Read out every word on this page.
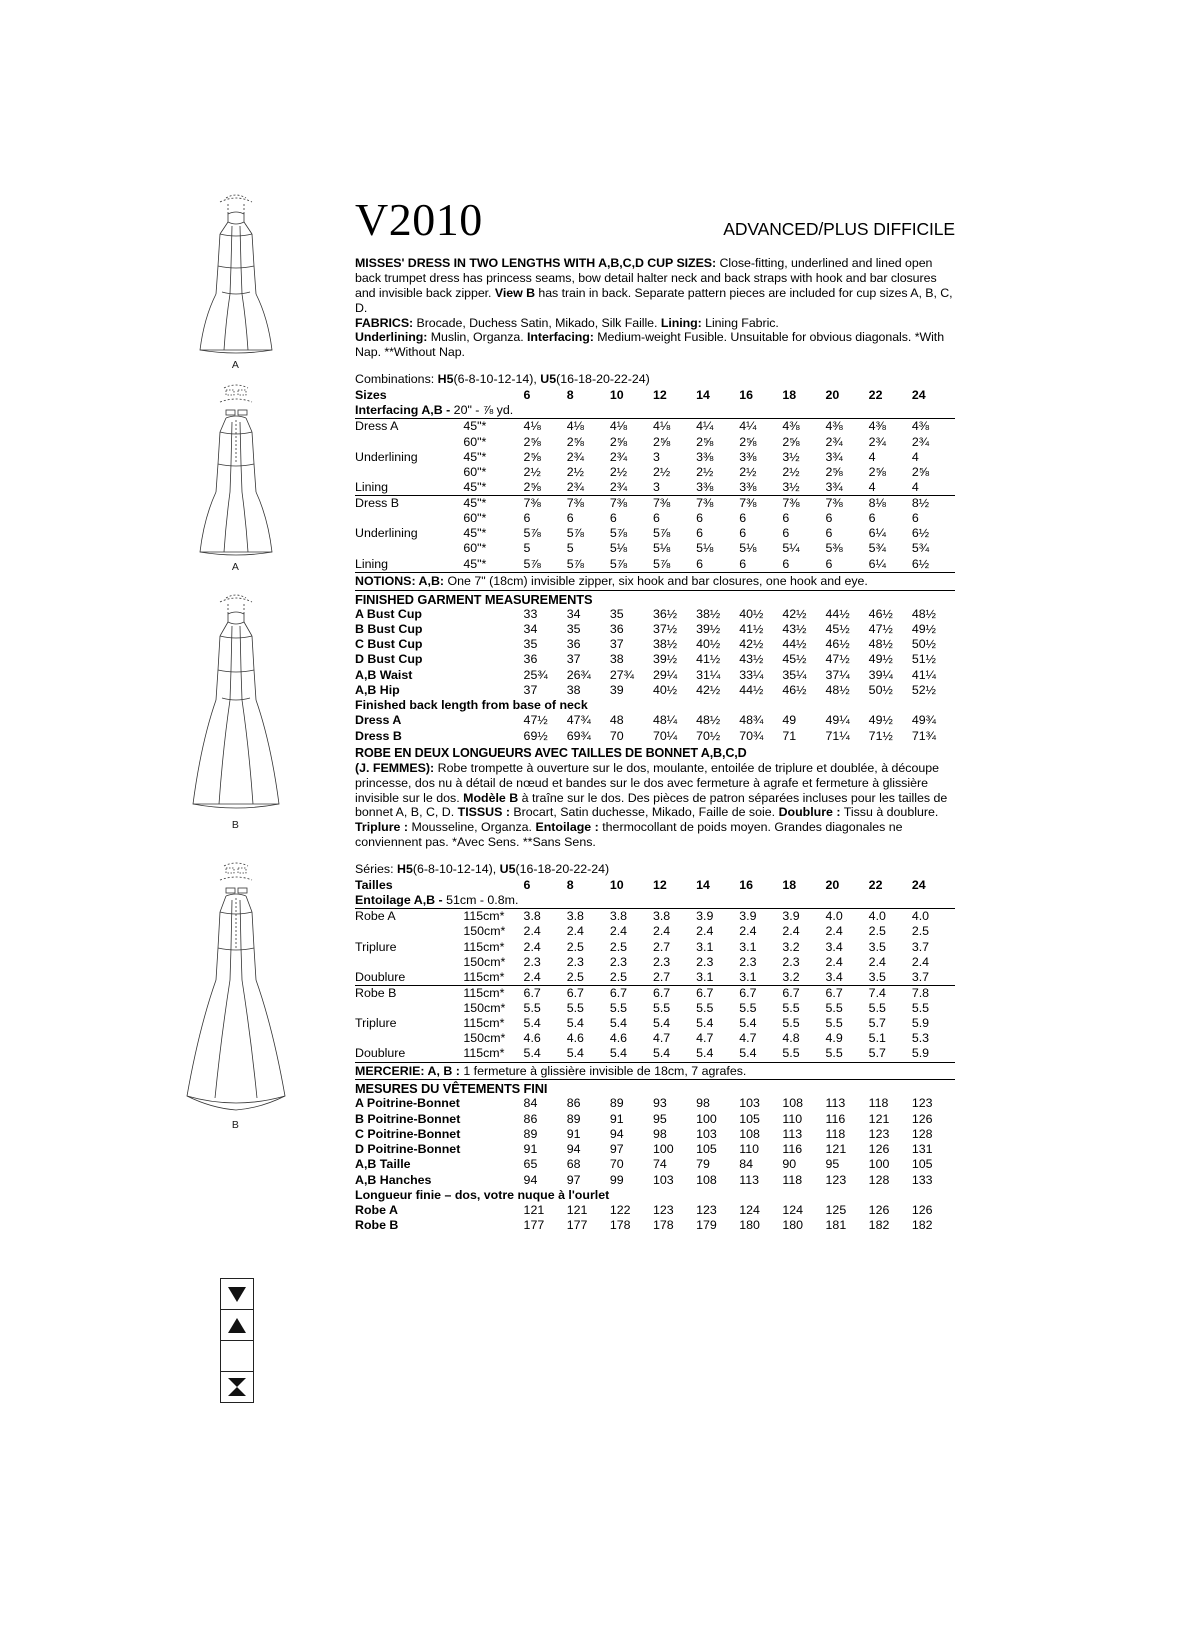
A
A
B
B
V2010	ADVANCED/PLUS DIFFICILE
MISSES' DRESS IN TWO LENGTHS WITH A,B,C,D CUP SIZES: Close-fitting, underlined and lined open back trumpet dress has princess seams, bow detail halter neck and back straps with hook and bar closures and invisible back zipper. View B has train in back. Separate pattern pieces are included for cup sizes A, B, C, D.
FABRICS: Brocade, Duchess Satin, Mikado, Silk Faille. Lining: Lining Fabric.
Underlining: Muslin, Organza. Interfacing: Medium-weight Fusible. Unsuitable for obvious diagonals. *With Nap. **Without Nap.
Combinations: H5(6-8-10-12-14), U5(16-18-20-22-24)
Sizes		6	8	10	12	14	16	18	20	22	24
Interfacing A,B - 20" - ⅞ yd.											
Dress A	45"*	4⅛	4⅛	4⅛	4⅛	4¼	4¼	4⅜	4⅜	4⅜	4⅜
	60"*	2⅝	2⅝	2⅝	2⅝	2⅝	2⅝	2⅝	2¾	2¾	2¾
Underlining	45"*	2⅝	2¾	2¾	3	3⅜	3⅜	3½	3¾	4	4
	60"*	2½	2½	2½	2½	2½	2½	2½	2⅝	2⅝	2⅝
Lining	45"*	2⅝	2¾	2¾	3	3⅜	3⅜	3½	3¾	4	4
Dress B	45"*	7⅜	7⅜	7⅜	7⅜	7⅜	7⅜	7⅜	7⅜	8⅛	8½
	60"*	6	6	6	6	6	6	6	6	6	6
Underlining	45"*	5⅞	5⅞	5⅞	5⅞	6	6	6	6	6¼	6½
	60"*	5	5	5⅛	5⅛	5⅛	5⅛	5¼	5⅜	5¾	5¾
Lining	45"*	5⅞	5⅞	5⅞	5⅞	6	6	6	6	6¼	6½
NOTIONS: A,B: One 7" (18cm) invisible zipper, six hook and bar closures, one hook and eye.
FINISHED GARMENT MEASUREMENTS
A Bust Cup	33	34	35	36½	38½	40½	42½	44½	46½	48½
B Bust Cup	34	35	36	37½	39½	41½	43½	45½	47½	49½
C Bust Cup	35	36	37	38½	40½	42½	44½	46½	48½	50½
D Bust Cup	36	37	38	39½	41½	43½	45½	47½	49½	51½
A,B Waist	25¾	26¾	27¾	29¼	31¼	33¼	35¼	37¼	39¼	41¼
A,B Hip	37	38	39	40½	42½	44½	46½	48½	50½	52½
Finished back length from base of neck										
Dress A	47½	47¾	48	48¼	48½	48¾	49	49¼	49½	49¾
Dress B	69½	69¾	70	70¼	70½	70¾	71	71¼	71½	71¾
ROBE EN DEUX LONGUEURS AVEC TAILLES DE BONNET A,B,C,D
(J. FEMMES): Robe trompette à ouverture sur le dos, moulante, entoilée de triplure et doublée, à découpe princesse, dos nu à détail de nœud et bandes sur le dos avec fermeture à agrafe et fermeture à glissière invisible sur le dos. Modèle B à traîne sur le dos. Des pièces de patron séparées incluses pour les tailles de bonnet A, B, C, D. TISSUS : Brocart, Satin duchesse, Mikado, Faille de soie. Doublure : Tissu à doublure. Triplure : Mousseline, Organza. Entoilage : thermocollant de poids moyen. Grandes diagonales ne conviennent pas. *Avec Sens. **Sans Sens.
Séries: H5(6-8-10-12-14), U5(16-18-20-22-24)
Tailles		6	8	10	12	14	16	18	20	22	24
Entoilage A,B - 51cm - 0.8m.											
Robe A	115cm*	3.8	3.8	3.8	3.8	3.9	3.9	3.9	4.0	4.0	4.0
	150cm*	2.4	2.4	2.4	2.4	2.4	2.4	2.4	2.4	2.5	2.5
Triplure	115cm*	2.4	2.5	2.5	2.7	3.1	3.1	3.2	3.4	3.5	3.7
	150cm*	2.3	2.3	2.3	2.3	2.3	2.3	2.3	2.4	2.4	2.4
Doublure	115cm*	2.4	2.5	2.5	2.7	3.1	3.1	3.2	3.4	3.5	3.7
Robe B	115cm*	6.7	6.7	6.7	6.7	6.7	6.7	6.7	6.7	7.4	7.8
	150cm*	5.5	5.5	5.5	5.5	5.5	5.5	5.5	5.5	5.5	5.5
Triplure	115cm*	5.4	5.4	5.4	5.4	5.4	5.4	5.5	5.5	5.7	5.9
	150cm*	4.6	4.6	4.6	4.7	4.7	4.7	4.8	4.9	5.1	5.3
Doublure	115cm*	5.4	5.4	5.4	5.4	5.4	5.4	5.5	5.5	5.7	5.9
MERCERIE: A, B : 1 fermeture à glissière invisible de 18cm, 7 agrafes.
MESURES DU VÊTEMENTS FINI
A Poitrine-Bonnet	84	86	89	93	98	103	108	113	118	123
B Poitrine-Bonnet	86	89	91	95	100	105	110	116	121	126
C Poitrine-Bonnet	89	91	94	98	103	108	113	118	123	128
D Poitrine-Bonnet	91	94	97	100	105	110	116	121	126	131
A,B Taille	65	68	70	74	79	84	90	95	100	105
A,B Hanches	94	97	99	103	108	113	118	123	128	133
Longueur finie – dos, votre nuque à l'ourlet										
Robe A	121	121	122	123	123	124	124	125	126	126
Robe B	177	177	178	178	179	180	180	181	182	182
